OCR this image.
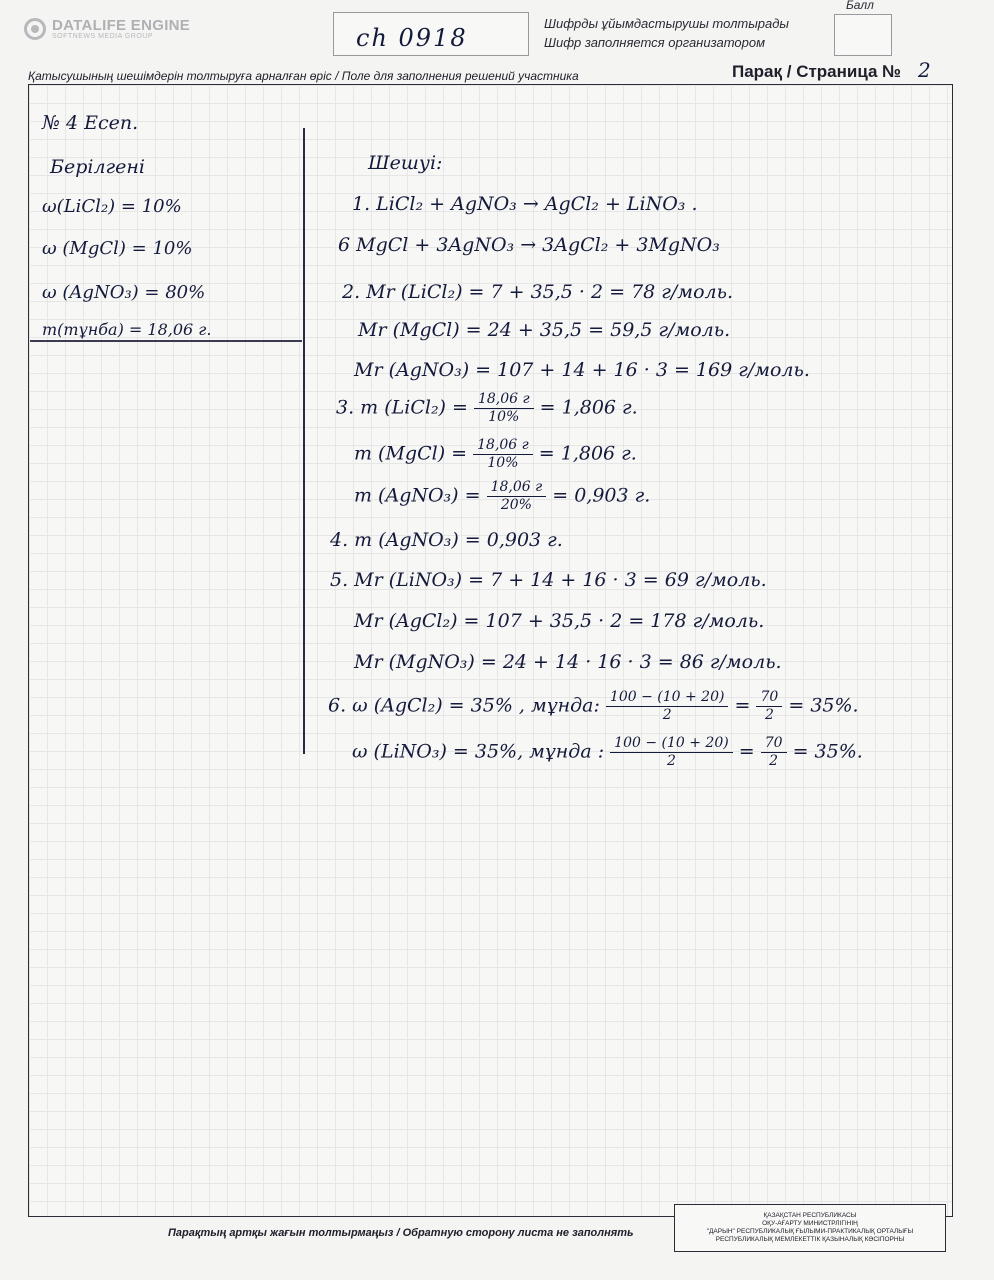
DATALIFE ENGINE
SOFTNEWS MEDIA GROUP	ch 0918
Шифрды ұйымдастырушы толтырады
Шифр заполняется организатором
Балл
Қатысушының шешімдерін толтыруға арналған өріс / Поле для заполнения решений участника	Парақ / Страница № 2
№ 4 Есеп.
Берілгені
ω(LiCl₂) = 10%
ω (MgCl) = 10%
ω (AgNO₃) = 80%
m(тұнба) = 18,06 г.
Шешуі:
1. LiCl₂ + AgNO₃ → AgCl₂ + LiNO₃ .
6 MgCl + 3AgNO₃ → 3AgCl₂ + 3MgNO₃
2. Mr (LiCl₂) = 7 + 35,5 · 2 = 78 г/моль.
Mr (MgCl) = 24 + 35,5 = 59,5 г/моль.
Mr (AgNO₃) = 107 + 14 + 16 · 3 = 169 г/моль.
3. m (LiCl₂) = $\frac{18,06 г}{10\%} = 1,806$ г.
m (MgCl) = $\frac{18,06 г}{10\%} = 1,806$ г.
m (AgNO₃) = $\frac{18,06 г}{20\%} = 0,903$ г.
4. m (AgNO₃) = 0,903 г.
5. Mr (LiNO₃) = 7 + 14 + 16 · 3 = 69 г/моль.
Mr (AgCl₂) = 107 + 35,5 · 2 = 178 г/моль.
Mr (MgNO₃) = 24 + 14 · 16 · 3 = 86 г/моль.
6. ω (AgCl₂) = 35% , мұнда: $\frac{100 - (10 + 20)}{2} = \frac{70}{2} = 35\%$.
ω (LiNO₃) = 35%, мұнда : $\frac{100 - (10 + 20)}{2} = \frac{70}{2} = 35\%$.
Парақтың артқы жағын толтырмаңыз / Обратную сторону листа не заполнять
ҚАЗАҚСТАН РЕСПУБЛИКАСЫ
ОҚУ-АҒАРТУ МИНИСТРЛІГІНІҢ
"ДАРЫН" РЕСПУБЛИКАЛЫҚ ҒЫЛЫМИ-ПРАКТИКАЛЫҚ ОРТАЛЫҒЫ
РЕСПУБЛИКАЛЫҚ МЕМЛЕКЕТТІК ҚАЗЫНАЛЫҚ КӘСІПОРНЫ
